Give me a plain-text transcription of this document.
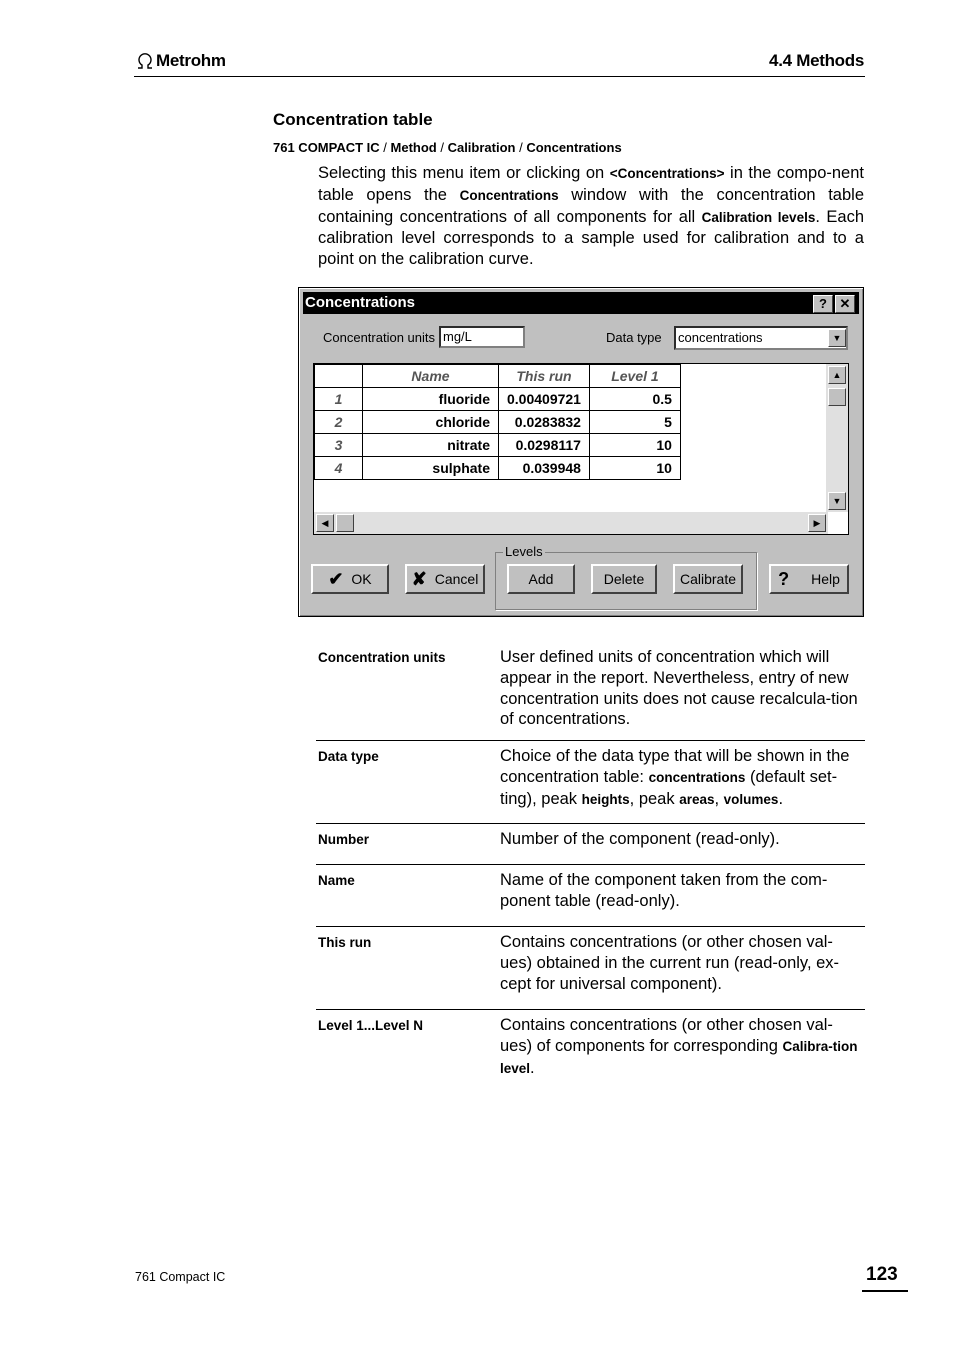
Metrohm	4.4 Methods
Concentration table
761 COMPACT IC / Method / Calibration / Concentrations
Selecting this menu item or clicking on <Concentrations> in the compo-nent table opens the Concentrations window with the concentration table containing concentrations of all components for all Calibration levels. Each calibration level corresponds to a sample used for calibration and to a point on the calibration curve.
Concentrations	? ✕
Concentration units mg/L	Data type	concentrations	▼
	Name	This run	Level 1
1	fluoride	0.00409721	0.5
2	chloride	0.0283832	5
3	nitrate	0.0298117	10
4	sulphate	0.039948	10
▲
▼
◀	▶
✔ OK	✘ Cancel
Levels
Add	Delete	Calibrate	? Help
Concentration units	User defined units of concentration which will appear in the report. Nevertheless, entry of new concentration units does not cause recalcula-tion of concentrations.
Data type	Choice of the data type that will be shown in the concentration table: concentrations (default set-ting), peak heights, peak areas, volumes.
Number	Number of the component (read-only).
Name	Name of the component taken from the com-ponent table (read-only).
This run	Contains concentrations (or other chosen val-ues) obtained in the current run (read-only, ex-cept for universal component).
Level 1...Level N	Contains concentrations (or other chosen val-ues) of components for corresponding Calibra-tion level.
761 Compact IC	123
